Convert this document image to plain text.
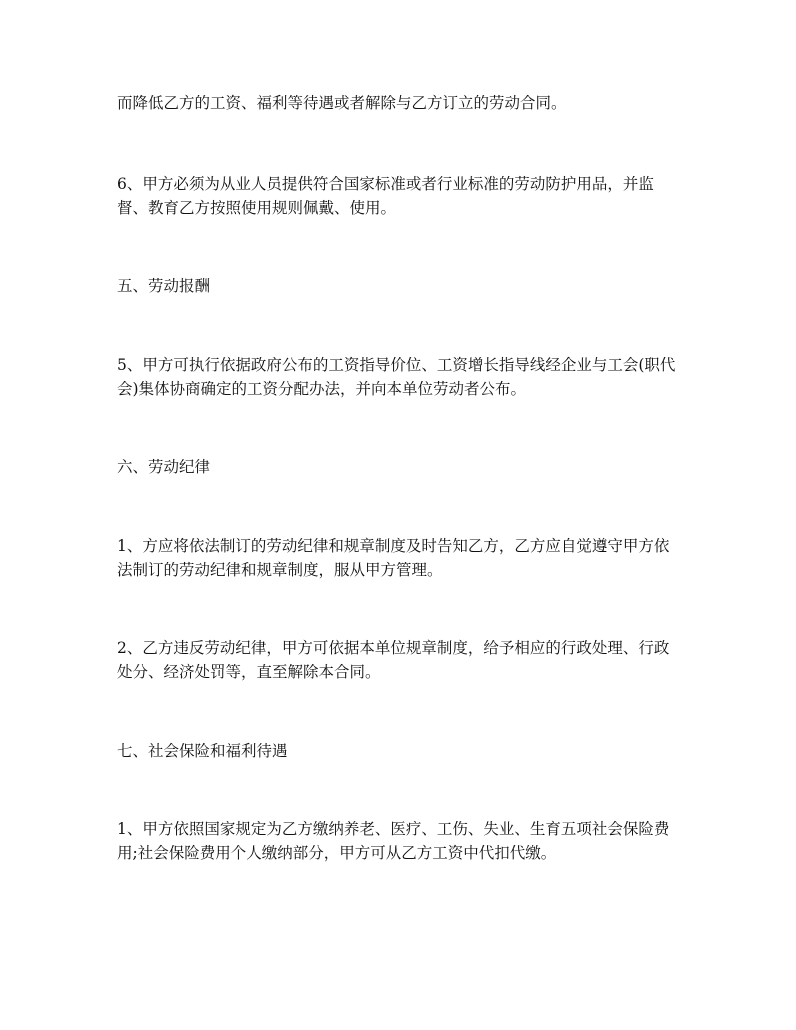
而降低乙方的工资、福利等待遇或者解除与乙方订立的劳动合同。
6、甲方必须为从业人员提供符合国家标准或者行业标准的劳动防护用品，并监
督、教育乙方按照使用规则佩戴、使用。
五、劳动报酬
5、甲方可执行依据政府公布的工资指导价位、工资增长指导线经企业与工会(职代
会)集体协商确定的工资分配办法，并向本单位劳动者公布。
六、劳动纪律
1、方应将依法制订的劳动纪律和规章制度及时告知乙方，乙方应自觉遵守甲方依
法制订的劳动纪律和规章制度，服从甲方管理。
2、乙方违反劳动纪律，甲方可依据本单位规章制度，给予相应的行政处理、行政
处分、经济处罚等，直至解除本合同。
七、社会保险和福利待遇
1、甲方依照国家规定为乙方缴纳养老、医疗、工伤、失业、生育五项社会保险费
用;社会保险费用个人缴纳部分，甲方可从乙方工资中代扣代缴。
